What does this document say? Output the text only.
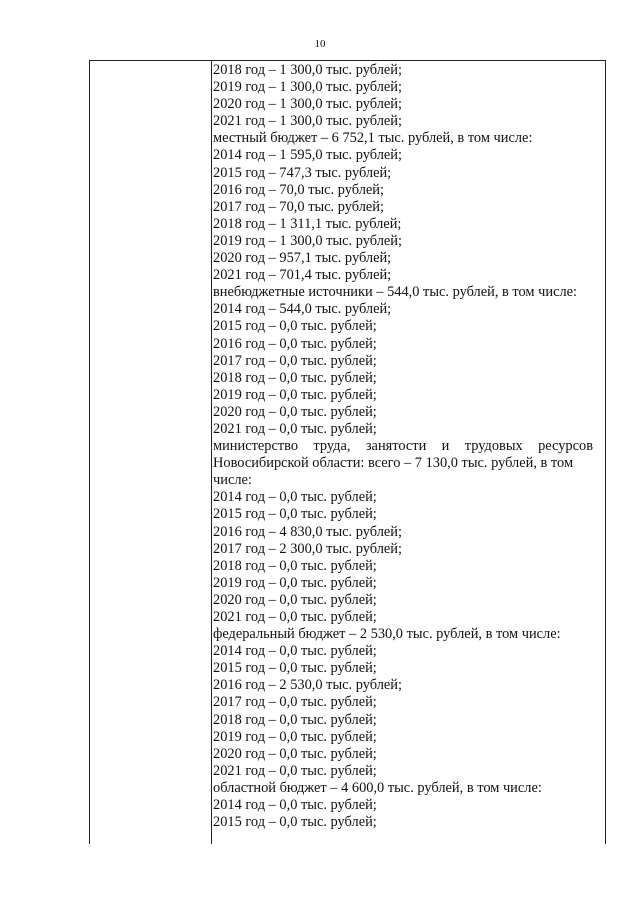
10

2018 год – 1 300,0 тыс. рублей;

2019 год – 1 300,0 тыс. рублей;

2020 год – 1 300,0 тыс. рублей;

2021 год – 1 300,0 тыс. рублей;

местный бюджет – 6 752,1 тыс. рублей, в том числе:

2014 год – 1 595,0 тыс. рублей;

2015 год – 747,3 тыс. рублей;

2016 год – 70,0 тыс. рублей;

2017 год – 70,0 тыс. рублей;

2018 год – 1 311,1 тыс. рублей;

2019 год – 1 300,0 тыс. рублей;

2020 год – 957,1 тыс. рублей;

2021 год – 701,4 тыс. рублей;

внебюджетные источники – 544,0 тыс. рублей, в том числе:

2014 год – 544,0 тыс. рублей;

2015 год – 0,0 тыс. рублей;

2016 год – 0,0 тыс. рублей;

2017 год – 0,0 тыс. рублей;

2018 год – 0,0 тыс. рублей;

2019 год – 0,0 тыс. рублей;

2020 год – 0,0 тыс. рублей;

2021 год – 0,0 тыс. рублей;

министерство труда, занятости и трудовых ресурсов

Новосибирской области: всего – 7 130,0 тыс. рублей, в том

числе:

2014 год – 0,0 тыс. рублей;

2015 год – 0,0 тыс. рублей;

2016 год – 4 830,0 тыс. рублей;

2017 год – 2 300,0 тыс. рублей;

2018 год – 0,0 тыс. рублей;

2019 год – 0,0 тыс. рублей;

2020 год – 0,0 тыс. рублей;

2021 год – 0,0 тыс. рублей;

федеральный бюджет – 2 530,0 тыс. рублей, в том числе:

2014 год – 0,0 тыс. рублей;

2015 год – 0,0 тыс. рублей;

2016 год – 2 530,0 тыс. рублей;

2017 год – 0,0 тыс. рублей;

2018 год – 0,0 тыс. рублей;

2019 год – 0,0 тыс. рублей;

2020 год – 0,0 тыс. рублей;

2021 год – 0,0 тыс. рублей;

областной бюджет – 4 600,0 тыс. рублей, в том числе:

2014 год – 0,0 тыс. рублей;

2015 год – 0,0 тыс. рублей;
